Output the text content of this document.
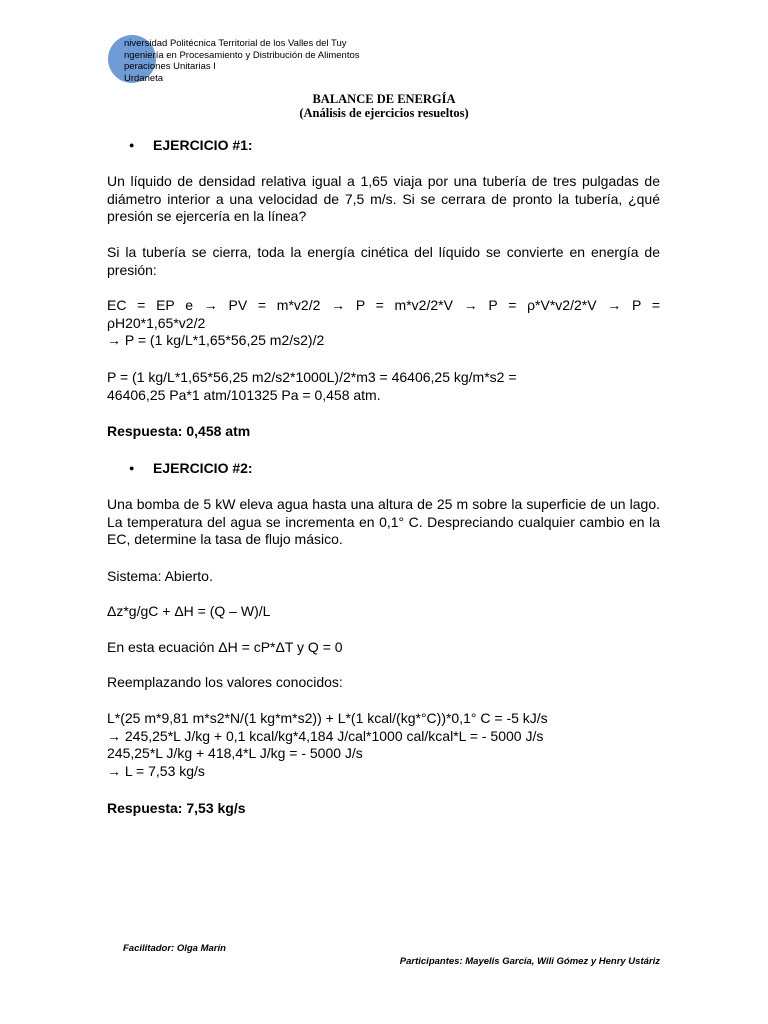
niversidad Politécnica Territorial de los Valles del Tuy
ngeniería en Procesamiento y Distribución de Alimentos
peraciones Unitarias I
Urdaneta
BALANCE DE ENERGÍA
(Análisis de ejercicios resueltos)
● EJERCICIO #1:
Un líquido de densidad relativa igual a 1,65 viaja por una tubería de tres pulgadas de diámetro interior a una velocidad de 7,5 m/s. Si se cerrara de pronto la tubería, ¿qué presión se ejercería en la línea?
Si la tubería se cierra, toda la energía cinética del líquido se convierte en energía de presión:
EC = EP e → PV = m*v2/2 → P = m*v2/2*V → P = ρ*V*v2/2*V → P =
ρH20*1,65*v2/2
→ P = (1 kg/L*1,65*56,25 m2/s2)/2
P = (1 kg/L*1,65*56,25 m2/s2*1000L)/2*m3 = 46406,25 kg/m*s2 =
46406,25 Pa*1 atm/101325 Pa = 0,458 atm.
Respuesta: 0,458 atm
● EJERCICIO #2:
Una bomba de 5 kW eleva agua hasta una altura de 25 m sobre la superficie de un lago. La temperatura del agua se incrementa en 0,1° C. Despreciando cualquier cambio en la EC, determine la tasa de flujo másico.
Sistema: Abierto.
Δz*g/gC + ΔH = (Q – W)/L
En esta ecuación ΔH = cP*ΔT y Q = 0
Reemplazando los valores conocidos:
L*(25 m*9,81 m*s2*N/(1 kg*m*s2)) + L*(1 kcal/(kg*°C))*0,1° C = -5 kJ/s
→ 245,25*L J/kg + 0,1 kcal/kg*4,184 J/cal*1000 cal/kcal*L = - 5000 J/s
245,25*L J/kg + 418,4*L J/kg = - 5000 J/s
→ L = 7,53 kg/s
Respuesta: 7,53 kg/s
Facilitador: Olga Marín
Participantes: Mayelis García, Wili Gómez y Henry Ustáriz
